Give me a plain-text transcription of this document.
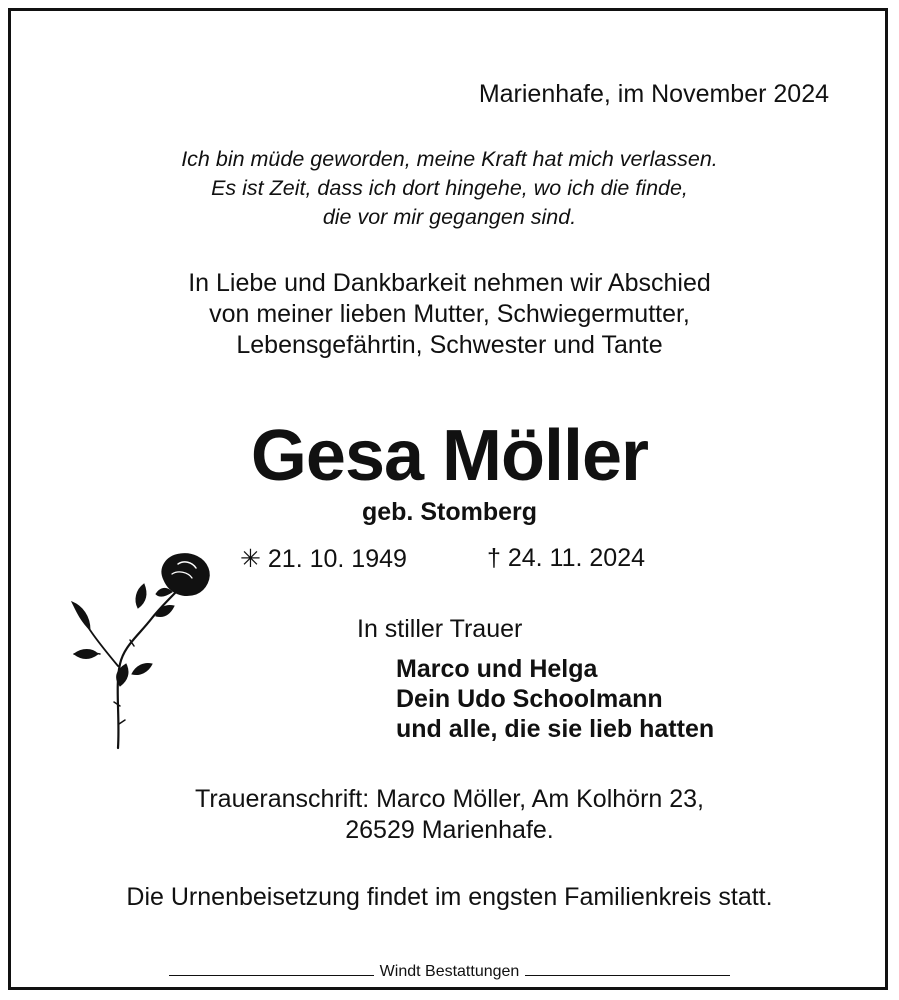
Marienhafe, im November 2024
Ich bin müde geworden, meine Kraft hat mich verlassen.
Es ist Zeit, dass ich dort hingehe, wo ich die finde,
die vor mir gegangen sind.
In Liebe und Dankbarkeit nehmen wir Abschied
von meiner lieben Mutter, Schwiegermutter,
Lebensgefährtin, Schwester und Tante
Gesa Möller
geb. Stomberg
✳ 21. 10. 1949	† 24. 11. 2024
In stiller Trauer
Marco und Helga
Dein Udo Schoolmann
und alle, die sie lieb hatten
Traueranschrift: Marco Möller, Am Kolhörn 23,
26529 Marienhafe.
Die Urnenbeisetzung findet im engsten Familienkreis statt.
Windt Bestattungen
